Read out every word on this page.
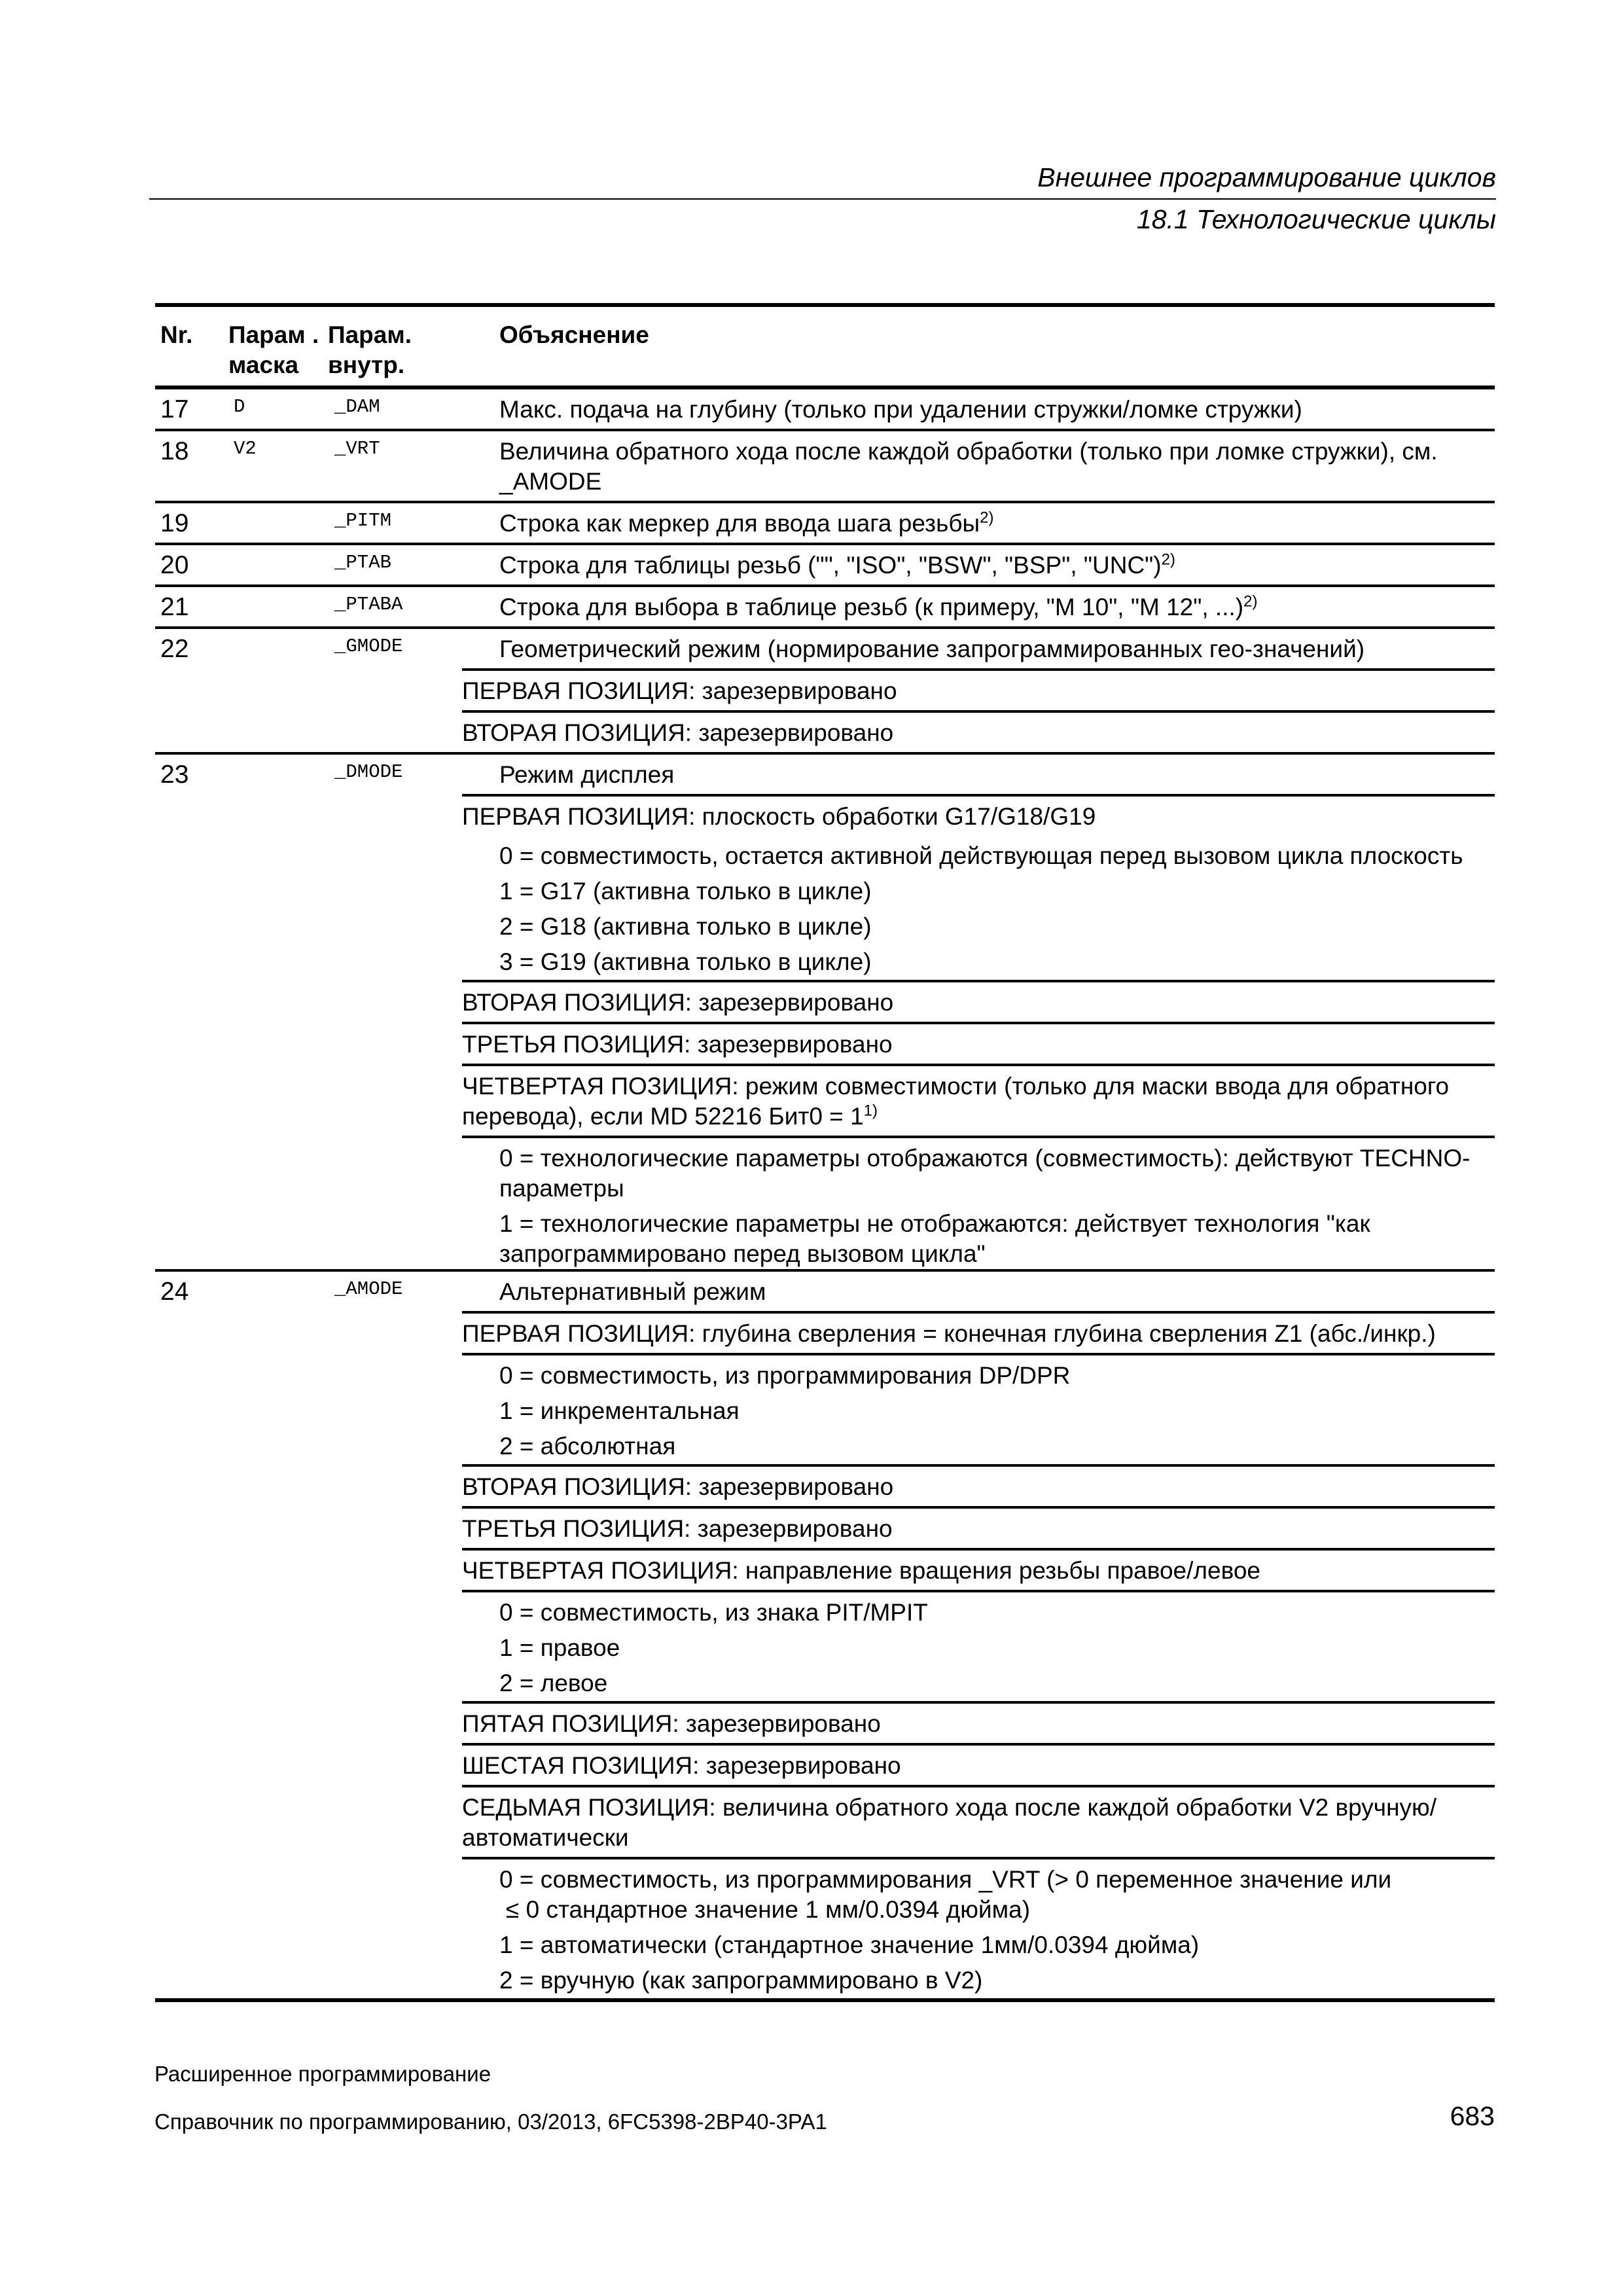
Внешнее программирование циклов
18.1 Технологические циклы
Nr.	Парам . маска	Парам. внутр.	Объяснение
17	D	_DAM	Макс. подача на глубину (только при удалении стружки/ломке стружки)
18	V2	_VRT	Величина обратного хода после каждой обработки (только при ломке стружки), см. _AMODE
19		_PITM	Строка как меркер для ввода шага резьбы$^{2)}$
20		_PTAB	Строка для таблицы резьб ("", "ISO", "BSW", "BSP", "UNC")$^{2)}$
21		_PTABA	Строка для выбора в таблице резьб (к примеру, "M 10", "M 12", ...)$^{2)}$
22		_GMODE	Геометрический режим (нормирование запрограммированных гео-значений)
			ПЕРВАЯ ПОЗИЦИЯ: зарезервировано
			ВТОРАЯ ПОЗИЦИЯ: зарезервировано
23		_DMODE	Режим дисплея
			ПЕРВАЯ ПОЗИЦИЯ: плоскость обработки G17/G18/G19
			0 = совместимость, остается активной действующая перед вызовом цикла плоскость
			1 = G17 (активна только в цикле)
			2 = G18 (активна только в цикле)
			3 = G19 (активна только в цикле)
			ВТОРАЯ ПОЗИЦИЯ: зарезервировано
			ТРЕТЬЯ ПОЗИЦИЯ: зарезервировано
			ЧЕТВЕРТАЯ ПОЗИЦИЯ: режим совместимости (только для маски ввода для обратного перевода), если MD 52216 $Бит0 = 1^{1)}$
			0 = технологические параметры отображаются (совместимость): действуют TECHNO-параметры
			1 = технологические параметры не отображаются: действует технология "как запрограммировано перед вызовом цикла"

24		_AMODE	Альтернативный режим
			ПЕРВАЯ ПОЗИЦИЯ: глубина сверления = конечная глубина сверления Z1 (абс./инкр.)
			0 = совместимость, из программирования DP/DPR
			1 = инкрементальная
			2 = абсолютная
			ВТОРАЯ ПОЗИЦИЯ: зарезервировано
			ТРЕТЬЯ ПОЗИЦИЯ: зарезервировано
			ЧЕТВЕРТАЯ ПОЗИЦИЯ: направление вращения резьбы правое/левое
			0 = совместимость, из знака PIT/MPIT
			1 = правое
			2 = левое
			ПЯТАЯ ПОЗИЦИЯ: зарезервировано
			ШЕСТАЯ ПОЗИЦИЯ: зарезервировано
			СЕДЬМАЯ ПОЗИЦИЯ: величина обратного хода после каждой обработки V2 вручную/автоматически
			0 = совместимость, из программирования _VRT (> 0 переменное значение или
≤ 0 стандартное значение 1 мм/0.0394 дюйма)
			1 = автоматически (стандартное значение 1мм/0.0394 дюйма)
			2 = вручную (как запрограммировано в V2)

Расширенное программирование
Справочник по программированию, 03/2013, 6FC5398-2BP40-3PA1	683
